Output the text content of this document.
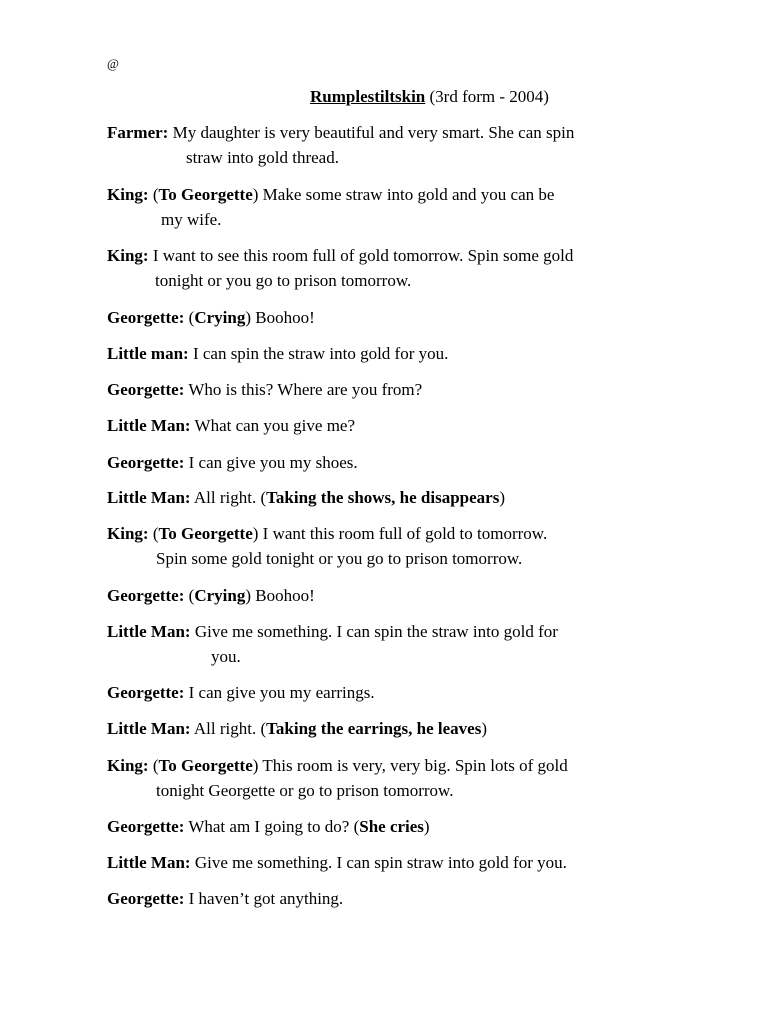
@
Rumplestiltskin (3rd form - 2004)
Farmer: My daughter is very beautiful and very smart. She can spin
straw into gold thread.
King: (To Georgette) Make some straw into gold and you can be
my wife.
King: I want to see this room full of gold tomorrow. Spin some gold
tonight or you go to prison tomorrow.
Georgette: (Crying) Boohoo!
Little man: I can spin the straw into gold for you.
Georgette: Who is this? Where are you from?
Little Man: What can you give me?
Georgette: I can give you my shoes.
Little Man: All right. (Taking the shows, he disappears)
King: (To Georgette) I want this room full of gold to tomorrow.
Spin some gold tonight or you go to prison tomorrow.
Georgette: (Crying) Boohoo!
Little Man: Give me something. I can spin the straw into gold for
you.
Georgette: I can give you my earrings.
Little Man: All right. (Taking the earrings, he leaves)
King: (To Georgette) This room is very, very big. Spin lots of gold
tonight Georgette or go to prison tomorrow.
Georgette: What am I going to do? (She cries)
Little Man: Give me something. I can spin straw into gold for you.
Georgette: I haven’t got anything.
